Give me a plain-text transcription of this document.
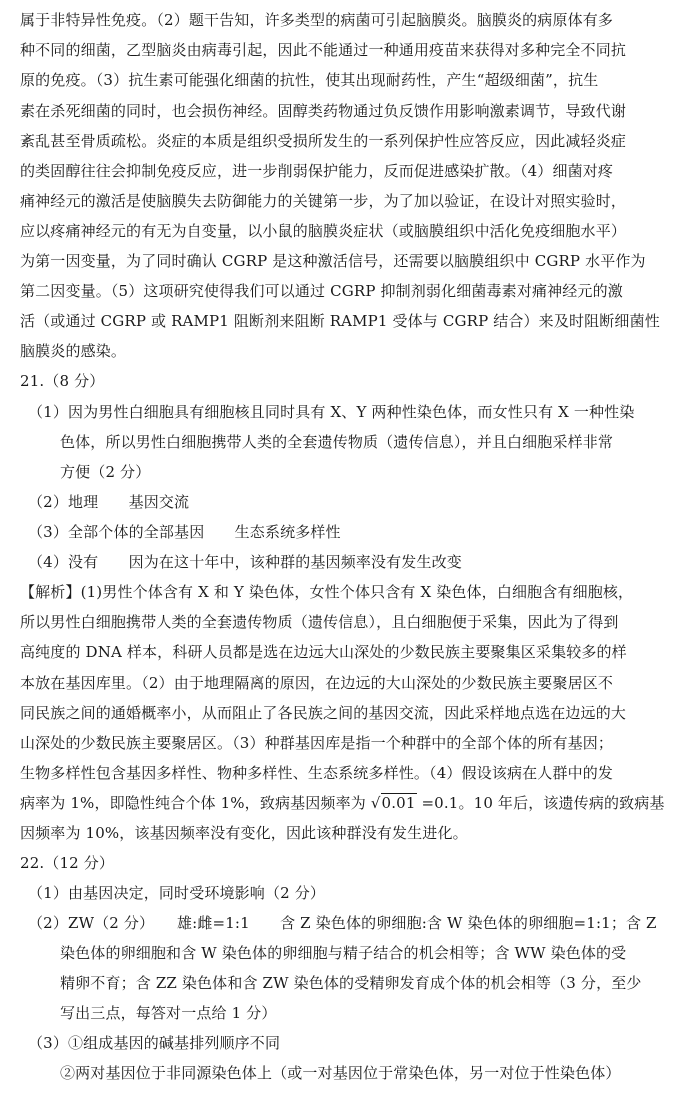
属于非特异性免疫。（2）题干告知，许多类型的病菌可引起脑膜炎。脑膜炎的病原体有多
种不同的细菌，乙型脑炎由病毒引起，因此不能通过一种通用疫苗来获得对多种完全不同抗
原的免疫。（3）抗生素可能强化细菌的抗性，使其出现耐药性，产生“超级细菌”，抗生
素在杀死细菌的同时，也会损伤神经。固醇类药物通过负反馈作用影响激素调节，导致代谢
紊乱甚至骨质疏松。炎症的本质是组织受损所发生的一系列保护性应答反应，因此减轻炎症
的类固醇往往会抑制免疫反应，进一步削弱保护能力，反而促进感染扩散。（4）细菌对疼
痛神经元的激活是使脑膜失去防御能力的关键第一步，为了加以验证，在设计对照实验时，
应以疼痛神经元的有无为自变量，以小鼠的脑膜炎症状（或脑膜组织中活化免疫细胞水平）
为第一因变量，为了同时确认 CGRP 是这种激活信号，还需要以脑膜组织中 CGRP 水平作为
第二因变量。（5）这项研究使得我们可以通过 CGRP 抑制剂弱化细菌毒素对痛神经元的激
活（或通过 CGRP 或 RAMP1 阻断剂来阻断 RAMP1 受体与 CGRP 结合）来及时阻断细菌性
脑膜炎的感染。
21.（8 分）
（1）因为男性白细胞具有细胞核且同时具有 X、Y 两种性染色体，而女性只有 X 一种性染
色体，所以男性白细胞携带人类的全套遗传物质（遗传信息），并且白细胞采样非常
方便（2 分）
（2）地理　　基因交流
（3）全部个体的全部基因　　生态系统多样性
（4）没有　　因为在这十年中，该种群的基因频率没有发生改变
【解析】(1)男性个体含有 X 和 Y 染色体，女性个体只含有 X 染色体，白细胞含有细胞核，
所以男性白细胞携带人类的全套遗传物质（遗传信息），且白细胞便于采集，因此为了得到
高纯度的 DNA 样本，科研人员都是选在边远大山深处的少数民族主要聚集区采集较多的样
本放在基因库里。（2）由于地理隔离的原因，在边远的大山深处的少数民族主要聚居区不
同民族之间的通婚概率小，从而阻止了各民族之间的基因交流，因此采样地点选在边远的大
山深处的少数民族主要聚居区。（3）种群基因库是指一个种群中的全部个体的所有基因；
生物多样性包含基因多样性、物种多样性、生态系统多样性。（4）假设该病在人群中的发
因频率为 10%，该基因频率没有变化，因此该种群没有发生进化。
22.（12 分）
（1）由基因决定，同时受环境影响（2 分）
（2）ZW（2 分）　　雄:雌=1:1　　含 Z 染色体的卵细胞:含 W 染色体的卵细胞=1:1；含 Z
染色体的卵细胞和含 W 染色体的卵细胞与精子结合的机会相等；含 WW 染色体的受
精卵不育；含 ZZ 染色体和含 ZW 染色体的受精卵发育成个体的机会相等（3 分，至少
写出三点，每答对一点给 1 分）
（3）①组成基因的碱基排列顺序不同
②两对基因位于非同源染色体上（或一对基因位于常染色体，另一对位于性染色体）
病率为 1%，即隐性纯合个体 1%，致病基因频率为 √0.01 =0.1。10 年后，该遗传病的致病基
